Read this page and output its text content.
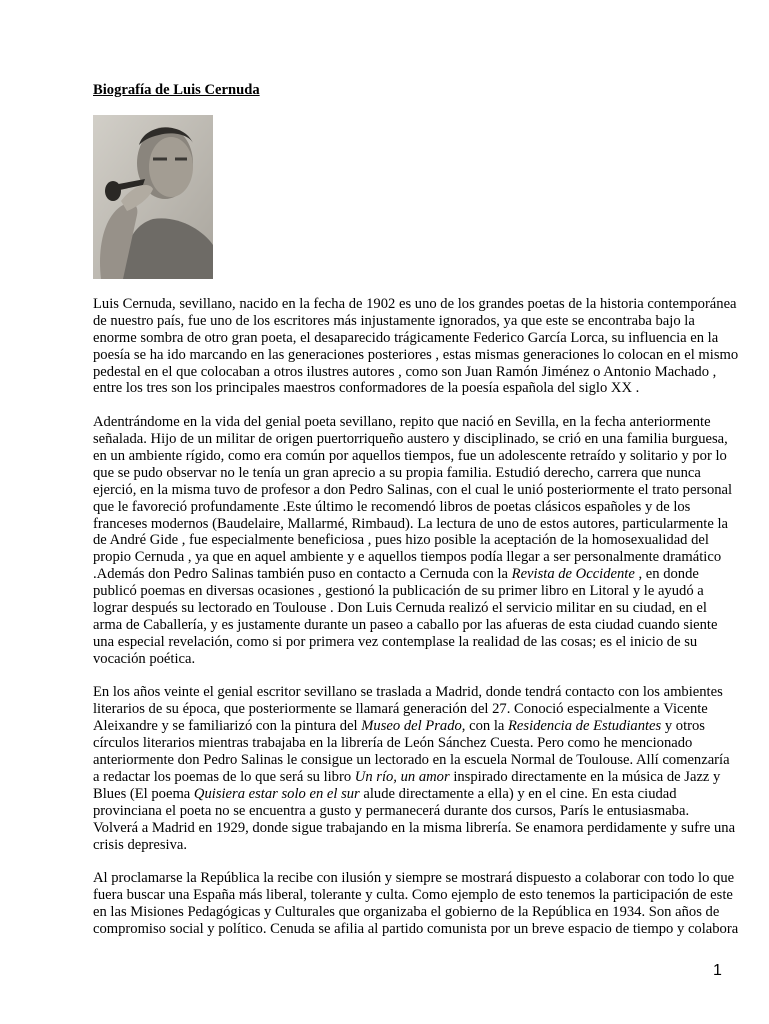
Biografía de Luis Cernuda
Luis Cernuda, sevillano, nacido en la fecha de 1902 es uno de los grandes poetas de la historia contemporánea
de nuestro país, fue uno de los escritores más injustamente ignorados, ya que este se encontraba bajo la
enorme sombra de otro gran poeta, el desaparecido trágicamente Federico García Lorca, su influencia en la
poesía se ha ido marcando en las generaciones posteriores , estas mismas generaciones lo colocan en el mismo
pedestal en el que colocaban a otros ilustres autores , como son Juan Ramón Jiménez o Antonio Machado ,
entre los tres son los principales maestros conformadores de la poesía española del siglo XX .
Adentrándome en la vida del genial poeta sevillano, repito que nació en Sevilla, en la fecha anteriormente
señalada. Hijo de un militar de origen puertorriqueño austero y disciplinado, se crió en una familia burguesa,
en un ambiente rígido, como era común por aquellos tiempos, fue un adolescente retraído y solitario y por lo
que se pudo observar no le tenía un gran aprecio a su propia familia. Estudió derecho, carrera que nunca
ejerció, en la misma tuvo de profesor a don Pedro Salinas, con el cual le unió posteriormente el trato personal
que le favoreció profundamente .Este último le recomendó libros de poetas clásicos españoles y de los
franceses modernos (Baudelaire, Mallarmé, Rimbaud). La lectura de uno de estos autores, particularmente la
de André Gide , fue especialmente beneficiosa , pues hizo posible la aceptación de la homosexualidad del
propio Cernuda , ya que en aquel ambiente y e aquellos tiempos podía llegar a ser personalmente dramático
.Además don Pedro Salinas también puso en contacto a Cernuda con la Revista de Occidente , en donde
publicó poemas en diversas ocasiones , gestionó la publicación de su primer libro en Litoral y le ayudó a
lograr después su lectorado en Toulouse . Don Luis Cernuda realizó el servicio militar en su ciudad, en el
arma de Caballería, y es justamente durante un paseo a caballo por las afueras de esta ciudad cuando siente
una especial revelación, como si por primera vez contemplase la realidad de las cosas; es el inicio de su
vocación poética.
En los años veinte el genial escritor sevillano se traslada a Madrid, donde tendrá contacto con los ambientes
literarios de su época, que posteriormente se llamará generación del 27. Conoció especialmente a Vicente
Aleixandre y se familiarizó con la pintura del Museo del Prado, con la Residencia de Estudiantes y otros
círculos literarios mientras trabajaba en la librería de León Sánchez Cuesta. Pero como he mencionado
anteriormente don Pedro Salinas le consigue un lectorado en la escuela Normal de Toulouse. Allí comenzaría
a redactar los poemas de lo que será su libro Un río, un amor inspirado directamente en la música de Jazz y
Blues (El poema Quisiera estar solo en el sur alude directamente a ella) y en el cine. En esta ciudad
provinciana el poeta no se encuentra a gusto y permanecerá durante dos cursos, París le entusiasmaba.
Volverá a Madrid en 1929, donde sigue trabajando en la misma librería. Se enamora perdidamente y sufre una
crisis depresiva.
Al proclamarse la República la recibe con ilusión y siempre se mostrará dispuesto a colaborar con todo lo que
fuera buscar una España más liberal, tolerante y culta. Como ejemplo de esto tenemos la participación de este
en las Misiones Pedagógicas y Culturales que organizaba el gobierno de la República en 1934. Son años de
compromiso social y político. Cenuda se afilia al partido comunista por un breve espacio de tiempo y colabora
1
